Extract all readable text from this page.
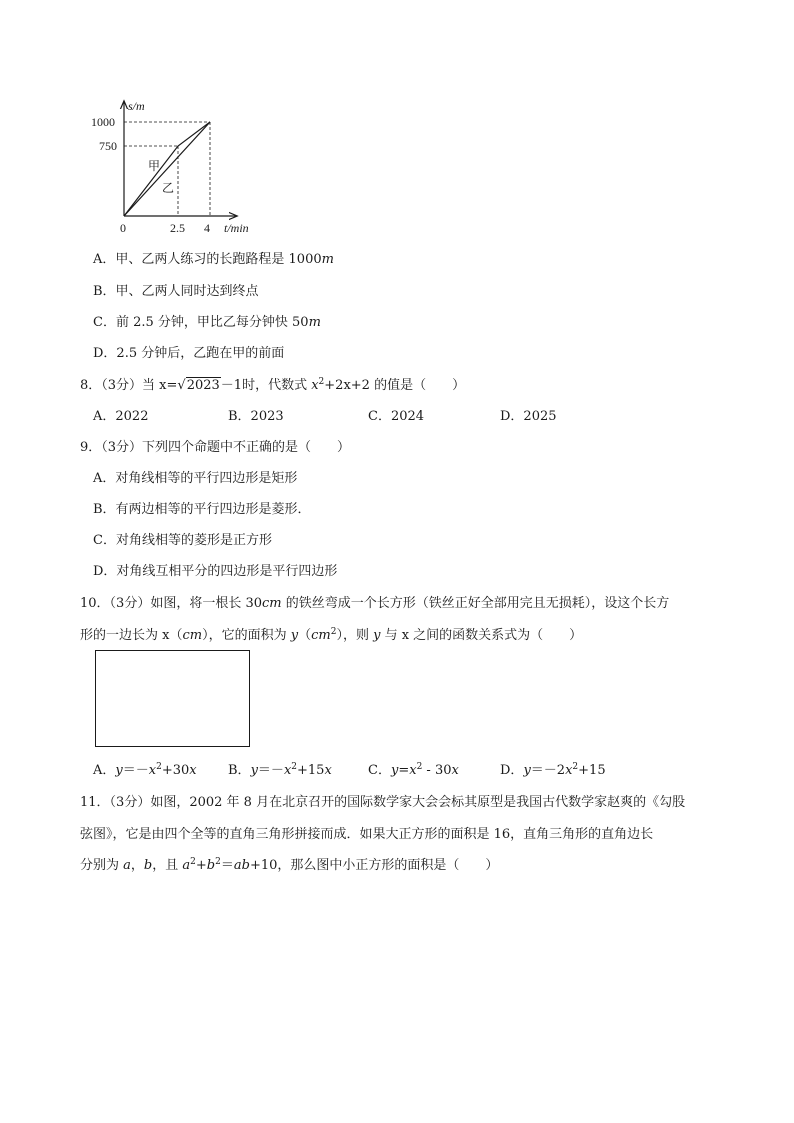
s/m
1000
750
0	2.5 4 t/min
甲
乙
A．甲、乙两人练习的长跑路程是 1000m
B．甲、乙两人同时达到终点
C．前 2.5 分钟，甲比乙每分钟快 50m
D．2.5 分钟后，乙跑在甲的前面
8．（3分）当 x=√2023－1时，代数式 $x^2+2x+2$ 的值是（　　）
A．2022	B．2023	C．2024	D．2025
9．（3分）下列四个命题中不正确的是（　　）
A．对角线相等的平行四边形是矩形
B．有两边相等的平行四边形是菱形．
C．对角线相等的菱形是正方形
D．对角线互相平分的四边形是平行四边形
10．（3分）如图，将一根长 30cm 的铁丝弯成一个长方形（铁丝正好全部用完且无损耗），设这个长方
形的一边长为 x（cm），它的面积为 $y(cm^2)$，则 y 与 x 之间的函数关系式为（　　）
A．$y=-x^2+30x$ B．$y=-x^2+15x$	C．$y=x^2 - 30x$	D．$y=-2x^2+15$
11．（3分）如图，2002 年 8 月在北京召开的国际数学家大会会标其原型是我国古代数学家赵爽的《勾股
弦图》，它是由四个全等的直角三角形拼接而成．如果大正方形的面积是 16，直角三角形的直角边长
分别为 a，b，且 $a^2+b^2=ab+10$，那么图中小正方形的面积是（　　）
